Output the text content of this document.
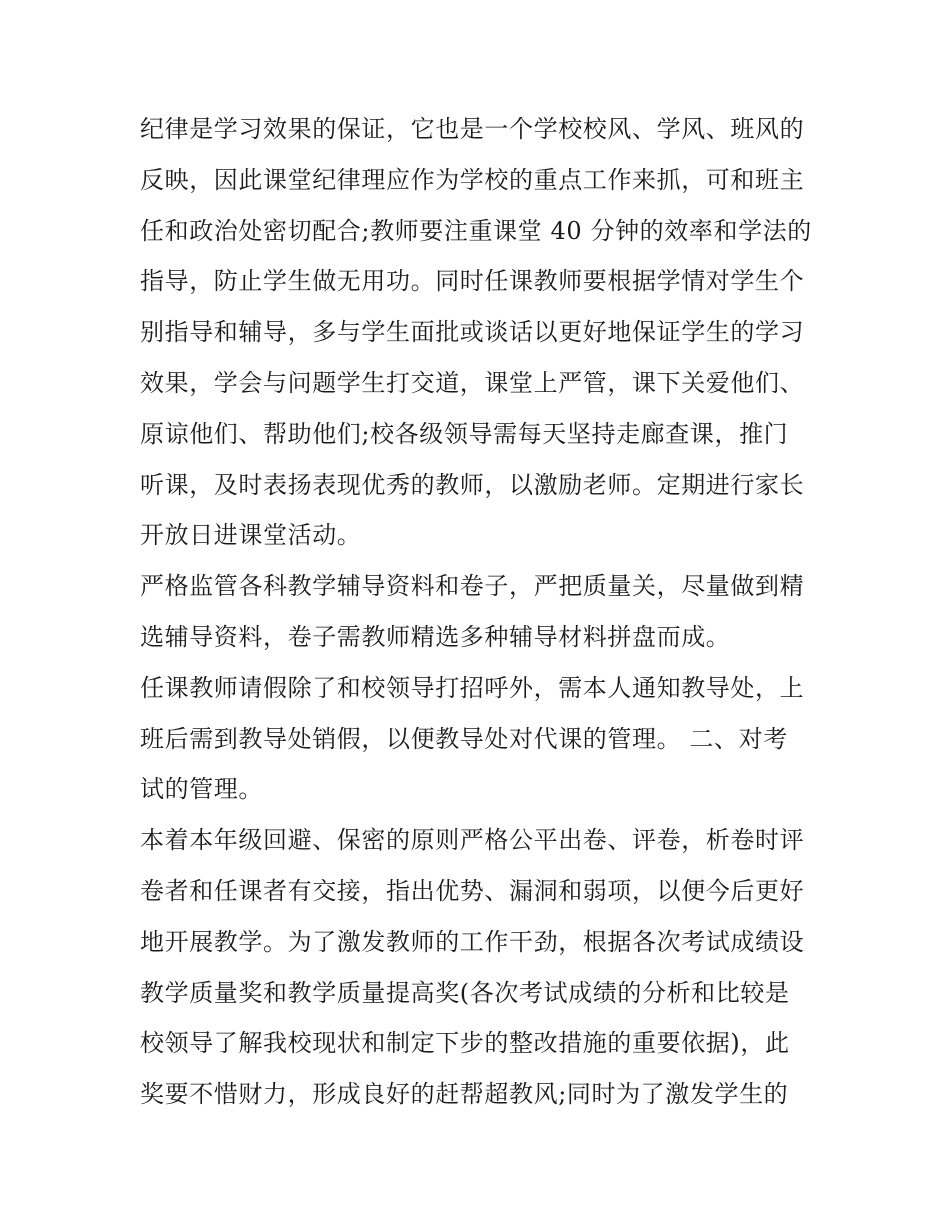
纪律是学习效果的保证，它也是一个学校校风、学风、班风的
反映，因此课堂纪律理应作为学校的重点工作来抓，可和班主
任和政治处密切配合;教师要注重课堂 40 分钟的效率和学法的
指导，防止学生做无用功。同时任课教师要根据学情对学生个
别指导和辅导，多与学生面批或谈话以更好地保证学生的学习
效果，学会与问题学生打交道，课堂上严管，课下关爱他们、
原谅他们、帮助他们;校各级领导需每天坚持走廊查课，推门
听课，及时表扬表现优秀的教师，以激励老师。定期进行家长
开放日进课堂活动。
严格监管各科教学辅导资料和卷子，严把质量关，尽量做到精
选辅导资料，卷子需教师精选多种辅导材料拼盘而成。
任课教师请假除了和校领导打招呼外，需本人通知教导处，上
班后需到教导处销假，以便教导处对代课的管理。 二、对考
试的管理。
本着本年级回避、保密的原则严格公平出卷、评卷，析卷时评
卷者和任课者有交接，指出优势、漏洞和弱项，以便今后更好
地开展教学。为了激发教师的工作干劲，根据各次考试成绩设
教学质量奖和教学质量提高奖(各次考试成绩的分析和比较是
校领导了解我校现状和制定下步的整改措施的重要依据)，此
奖要不惜财力，形成良好的赶帮超教风;同时为了激发学生的
